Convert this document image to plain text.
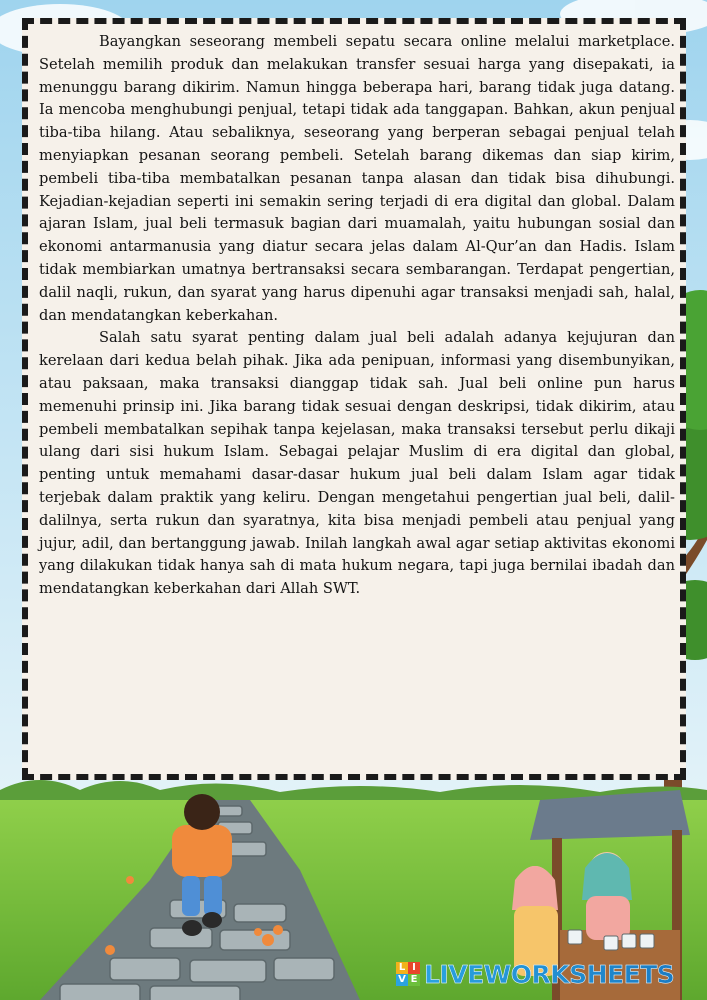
Bayangkan seseorang membeli sepatu secara online melalui marketplace. Setelah memilih produk dan melakukan transfer sesuai harga yang disepakati, ia menunggu barang dikirim. Namun hingga beberapa hari, barang tidak juga datang. Ia mencoba menghubungi penjual, tetapi tidak ada tanggapan. Bahkan, akun penjual tiba-tiba hilang. Atau sebaliknya, seseorang yang berperan sebagai penjual telah menyiapkan pesanan seorang pembeli. Setelah barang dikemas dan siap kirim, pembeli tiba-tiba membatalkan pesanan tanpa alasan dan tidak bisa dihubungi. Kejadian-kejadian seperti ini semakin sering terjadi di era digital dan global. Dalam ajaran Islam, jual beli termasuk bagian dari muamalah, yaitu hubungan sosial dan ekonomi antarmanusia yang diatur secara jelas dalam Al-Qur’an dan Hadis. Islam tidak membiarkan umatnya bertransaksi secara sembarangan. Terdapat pengertian, dalil naqli, rukun, dan syarat yang harus dipenuhi agar transaksi menjadi sah, halal, dan mendatangkan keberkahan.

Salah satu syarat penting dalam jual beli adalah adanya kejujuran dan kerelaan dari kedua belah pihak. Jika ada penipuan, informasi yang disembunyikan, atau paksaan, maka transaksi dianggap tidak sah. Jual beli online pun harus memenuhi prinsip ini. Jika barang tidak sesuai dengan deskripsi, tidak dikirim, atau pembeli membatalkan sepihak tanpa kejelasan, maka transaksi tersebut perlu dikaji ulang dari sisi hukum Islam. Sebagai pelajar Muslim di era digital dan global, penting untuk memahami dasar-dasar hukum jual beli dalam Islam agar tidak terjebak dalam praktik yang keliru. Dengan mengetahui pengertian jual beli, dalil-dalilnya, serta rukun dan syaratnya, kita bisa menjadi pembeli atau penjual yang jujur, adil, dan bertanggung jawab. Inilah langkah awal agar setiap aktivitas ekonomi yang dilakukan tidak hanya sah di mata hukum negara, tapi juga bernilai ibadah dan mendatangkan keberkahan dari Allah SWT.

L I
V E LIVEWORKSHEETS
